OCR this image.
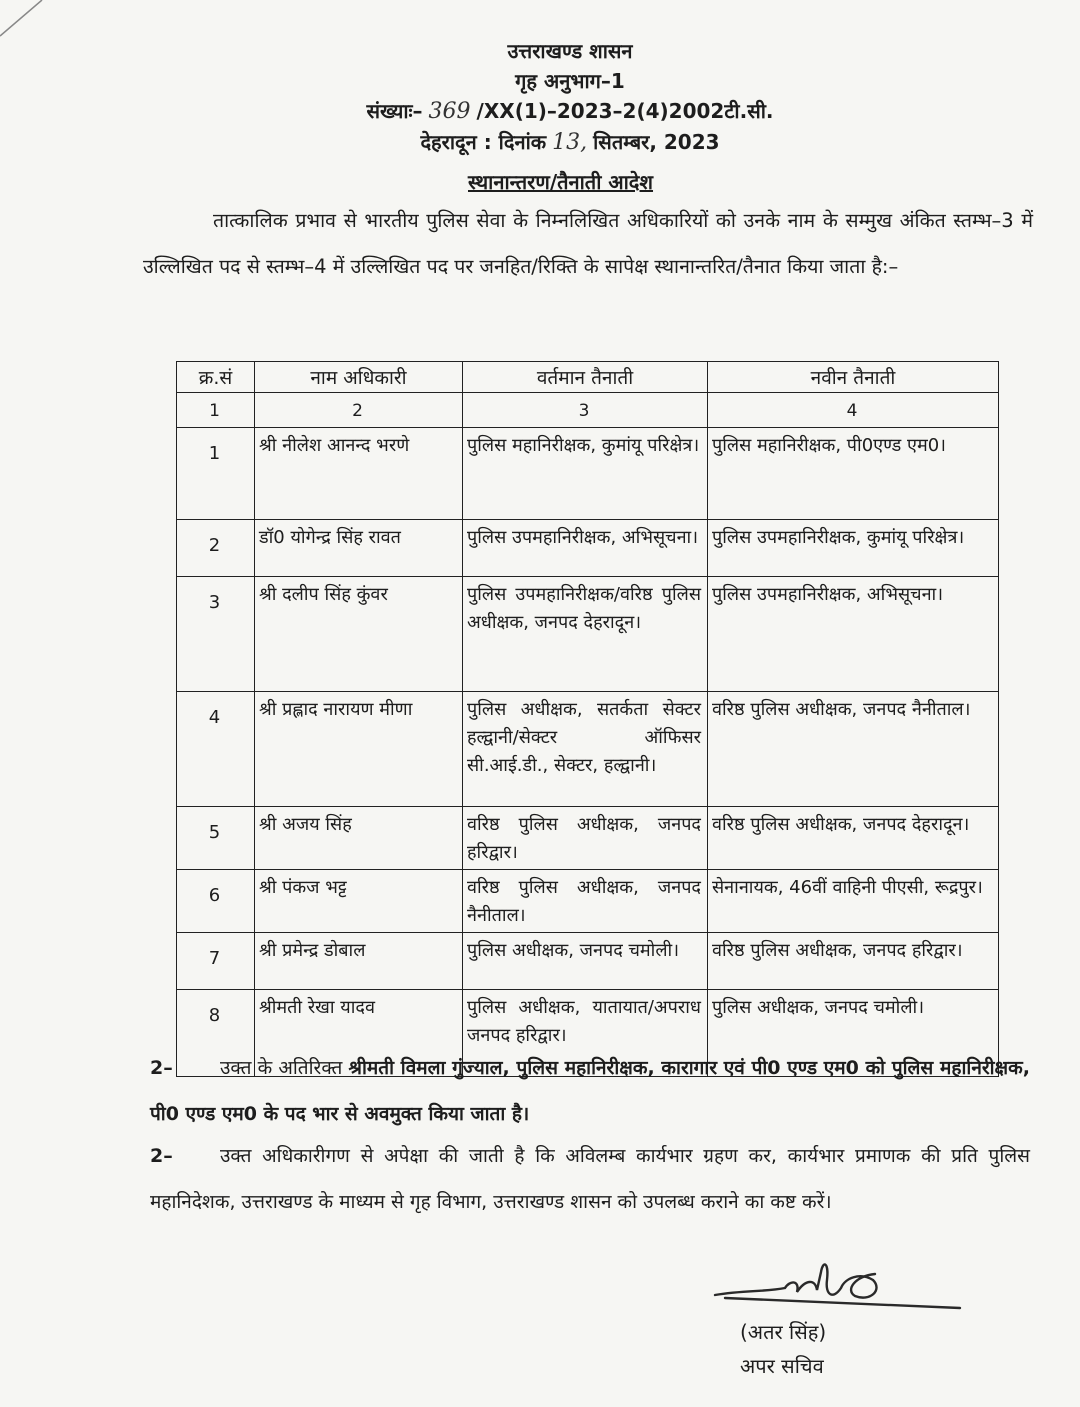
उत्तराखण्ड शासन
गृह अनुभाग–1
संख्याः– 369 /XX(1)–2023–2(4)2002टी.सी.
देहरादून : दिनांक 13, सितम्बर, 2023
स्थानान्तरण/तैनाती आदेश
तात्कालिक प्रभाव से भारतीय पुलिस सेवा के निम्नलिखित अधिकारियों को उनके नाम के सम्मुख अंकित स्तम्भ–3 में उल्लिखित पद से स्तम्भ–4 में उल्लिखित पद पर जनहित/रिक्ति के सापेक्ष स्थानान्तरित/तैनात किया जाता है:–
क्र.सं	नाम अधिकारी	वर्तमान तैनाती	नवीन तैनाती
1	2	3	4
1	श्री नीलेश आनन्द भरणे	पुलिस महानिरीक्षक, कुमांयू परिक्षेत्र।	पुलिस महानिरीक्षक, पी0एण्ड एम0।
2	डॉ0 योगेन्द्र सिंह रावत	पुलिस उपमहानिरीक्षक, अभिसूचना।	पुलिस उपमहानिरीक्षक, कुमांयू परिक्षेत्र।
3	श्री दलीप सिंह कुंवर	पुलिस उपमहानिरीक्षक/वरिष्ठ पुलिस अधीक्षक, जनपद देहरादून।	पुलिस उपमहानिरीक्षक, अभिसूचना।
4	श्री प्रह्लाद नारायण मीणा	पुलिस अधीक्षक, सतर्कता सेक्टर हल्द्वानी/सेक्टर ऑफिसर सी.आई.डी., सेक्टर, हल्द्वानी।	वरिष्ठ पुलिस अधीक्षक, जनपद नैनीताल।
5	श्री अजय सिंह	वरिष्ठ पुलिस अधीक्षक, जनपद हरिद्वार।	वरिष्ठ पुलिस अधीक्षक, जनपद देहरादून।
6	श्री पंकज भट्ट	वरिष्ठ पुलिस अधीक्षक, जनपद नैनीताल।	सेनानायक, 46वीं वाहिनी पीएसी, रूद्रपुर।
7	श्री प्रमेन्द्र डोबाल	पुलिस अधीक्षक, जनपद चमोली।	वरिष्ठ पुलिस अधीक्षक, जनपद हरिद्वार।
8	श्रीमती रेखा यादव	पुलिस अधीक्षक, यातायात/अपराध जनपद हरिद्वार।	पुलिस अधीक्षक, जनपद चमोली।
2– उक्त के अतिरिक्त श्रीमती विमला गुंज्याल, पुलिस महानिरीक्षक, कारागार एवं पी0 एण्ड एम0 को पुलिस महानिरीक्षक, पी0 एण्ड एम0 के पद भार से अवमुक्त किया जाता है।
2– उक्त अधिकारीगण से अपेक्षा की जाती है कि अविलम्ब कार्यभार ग्रहण कर, कार्यभार प्रमाणक की प्रति पुलिस महानिदेशक, उत्तराखण्ड के माध्यम से गृह विभाग, उत्तराखण्ड शासन को उपलब्ध कराने का कष्ट करें।
(अतर सिंह)
अपर सचिव
